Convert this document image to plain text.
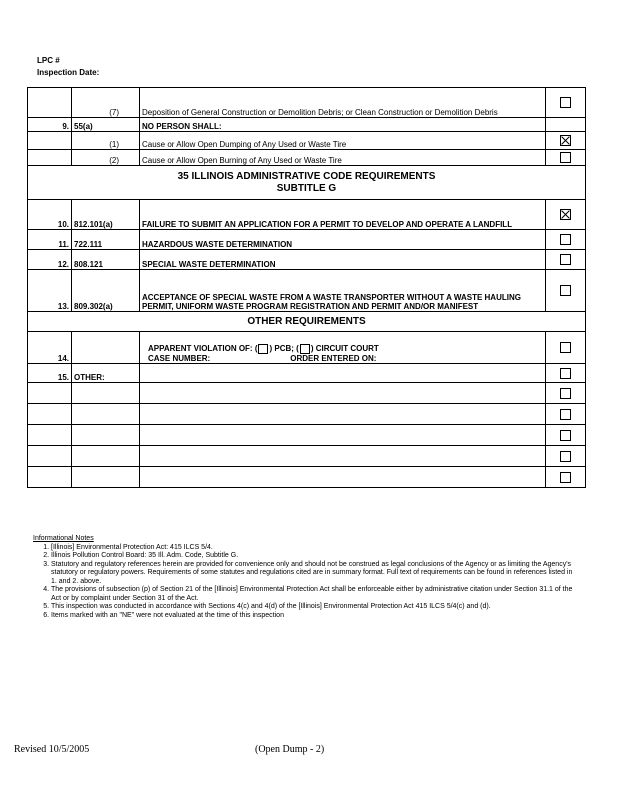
LPC #
Inspection Date:
	(7)	Deposition of General Construction or Demolition Debris; or Clean Construction or Demolition Debris	
9.	55(a)	NO PERSON SHALL:	
	(1)	Cause or Allow Open Dumping of Any Used or Waste Tire	
	(2)	Cause or Allow Open Burning of Any Used or Waste Tire	

35 ILLINOIS ADMINISTRATIVE CODE REQUIREMENTS
SUBTITLE G			

10.	812.101(a)	FAILURE TO SUBMIT AN APPLICATION FOR A PERMIT TO DEVELOP AND OPERATE A LANDFILL	
11.	722.111	HAZARDOUS WASTE DETERMINATION	
12.	808.121	SPECIAL WASTE DETERMINATION	
13.	809.302(a)	ACCEPTANCE OF SPECIAL WASTE FROM A WASTE TRANSPORTER WITHOUT A WASTE HAULING PERMIT, UNIFORM WASTE PROGRAM REGISTRATION AND PERMIT AND/OR MANIFEST	
OTHER REQUIREMENTS			
14.		APPARENT VIOLATION OF: ( ) PCB; ( ) CIRCUIT COURT
CASE NUMBER: ORDER ENTERED ON:	

15.	OTHER:		

Informational Notes
1. [Illinois] Environmental Protection Act: 415 ILCS 5/4.
2. Illinois Pollution Control Board: 35 Ill. Adm. Code, Subtitle G.
3. Statutory and regulatory references herein are provided for convenience only and should not be construed as legal conclusions of the Agency or as limiting the Agency's statutory or regulatory powers. Requirements of some statutes and regulations cited are in summary format. Full text of requirements can be found in references listed in 1. and 2. above.
4. The provisions of subsection (p) of Section 21 of the [Illinois] Environmental Protection Act shall be enforceable either by administrative citation under Section 31.1 of the Act or by complaint under Section 31 of the Act.
5. This inspection was conducted in accordance with Sections 4(c) and 4(d) of the [Illinois] Environmental Protection Act 415 ILCS 5/4(c) and (d).
6. Items marked with an "NE" were not evaluated at the time of this inspection
Revised 10/5/2005	(Open Dump - 2)
